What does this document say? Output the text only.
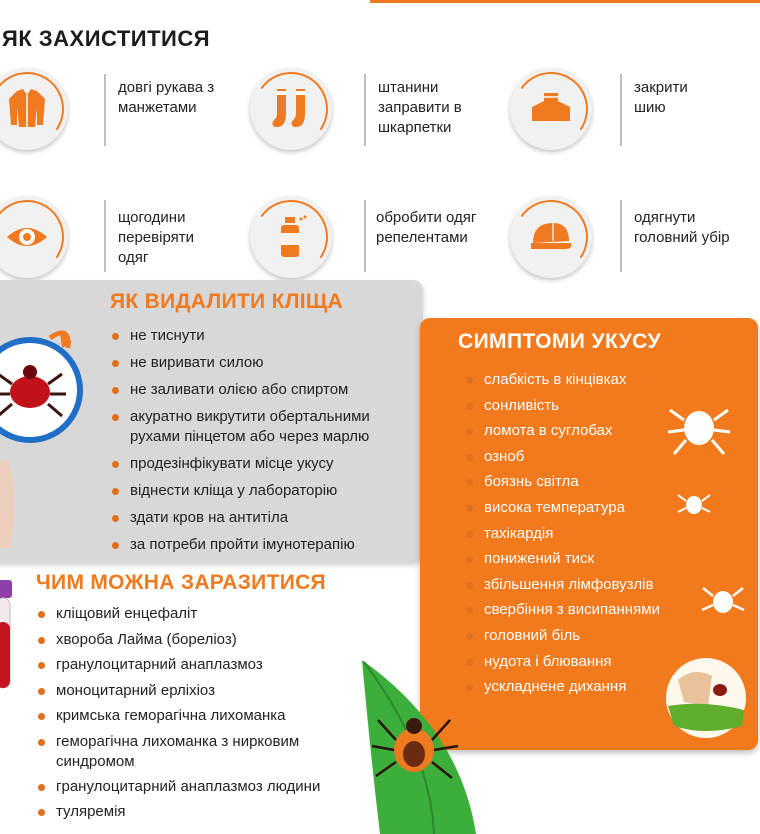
ЯК ЗАХИСТИТИСЯ
довгі рукава з
манжетами
штанини
заправити в
шкарпетки
закрити
шию
щогодини
перевіряти
одяг
обробити одяг
репелентами
одягнути
головний убір
ЯК ВИДАЛИТИ КЛІЩА
не тиснути
не виривати силою
не заливати олією або спиртом
акуратно викрутити обертальними
рухами пінцетом або через марлю
продезінфікувати місце укусу
віднести кліща у лабораторію
здати кров на антитіла
за потреби пройти імунотерапію
СИМПТОМИ УКУСУ
слабкість в кінцівках
сонливість
ломота в суглобах
озноб
боязнь світла
висока температура
тахікардія
понижений тиск
збільшення лімфовузлів
свербіння з висипаннями
головний біль
нудота і блювання
ускладнене дихання
ЧИМ МОЖНА ЗАРАЗИТИСЯ
кліщовий енцефаліт
хвороба Лайма (бореліоз)
гранулоцитарний анаплазмоз
моноцитарний ерліхіоз
кримська геморагічна лихоманка
геморагічна лихоманка з нирковим
синдромом
гранулоцитарний анаплазмоз людини
туляремія
